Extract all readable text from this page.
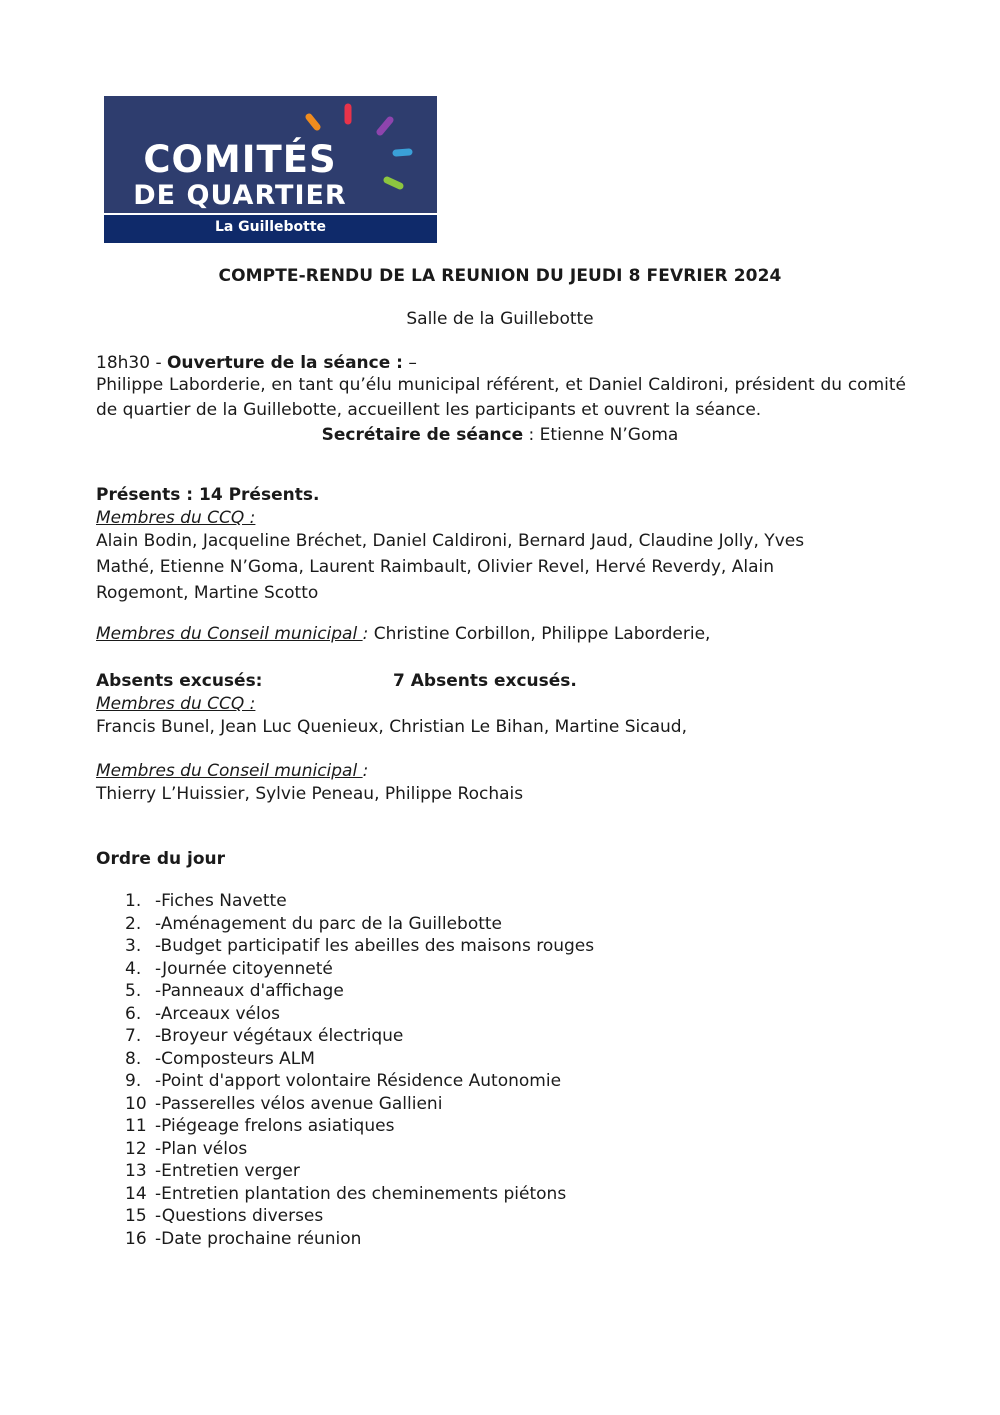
COMITÉS
DE QUARTIER
La Guillebotte
COMPTE-RENDU DE LA REUNION DU JEUDI 8 FEVRIER 2024
Salle de la Guillebotte
18h30 - Ouverture de la séance : –
Philippe Laborderie, en tant qu’élu municipal référent, et Daniel Caldironi, président du comité de quartier de la Guillebotte, accueillent les participants et ouvrent la séance.
Secrétaire de séance : Etienne N’Goma
Présents : 14 Présents.
Membres du CCQ :
Alain Bodin, Jacqueline Bréchet, Daniel Caldironi, Bernard Jaud, Claudine Jolly, Yves
Mathé, Etienne N’Goma, Laurent Raimbault, Olivier Revel, Hervé Reverdy, Alain
Rogemont, Martine Scotto
Membres du Conseil municipal : Christine Corbillon, Philippe Laborderie,
Absents excusés:	7 Absents excusés.
Membres du CCQ :
Francis Bunel, Jean Luc Quenieux, Christian Le Bihan, Martine Sicaud,
Membres du Conseil municipal :
Thierry L’Huissier, Sylvie Peneau, Philippe Rochais
Ordre du jour
1. -Fiches Navette
2. -Aménagement du parc de la Guillebotte
3. -Budget participatif les abeilles des maisons rouges
4. -Journée citoyenneté
5. -Panneaux d'affichage
6. -Arceaux vélos
7. -Broyeur végétaux électrique
8. -Composteurs ALM
9. -Point d'apport volontaire Résidence Autonomie
10 -Passerelles vélos avenue Gallieni
11 -Piégeage frelons asiatiques
12 -Plan vélos
13 -Entretien verger
14 -Entretien plantation des cheminements piétons
15 -Questions diverses
16 -Date prochaine réunion
